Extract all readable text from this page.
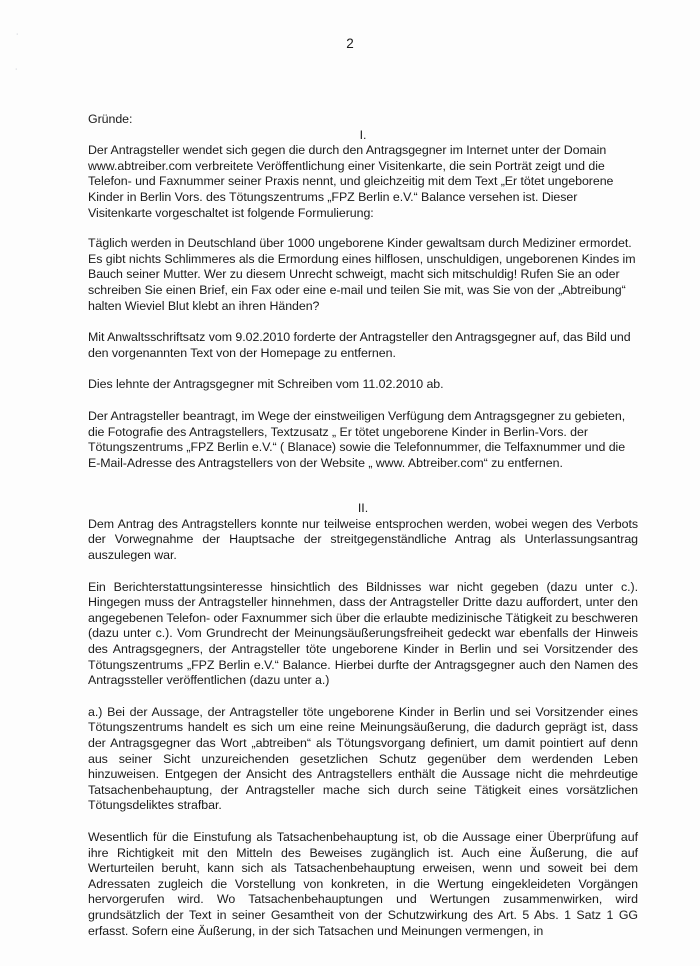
˙
˙
2

Gründe:

I.

Der Antragsteller wendet sich gegen die durch den Antragsgegner im Internet unter der Domain www.abtreiber.com verbreitete Veröffentlichung einer Visitenkarte, die sein Porträt zeigt und die Telefon- und Faxnummer seiner Praxis nennt, und gleichzeitig mit dem Text „Er tötet ungeborene Kinder in Berlin Vors. des Tötungszentrums „FPZ Berlin e.V.“ Balance versehen ist. Dieser Visitenkarte vorgeschaltet ist folgende Formulierung:

Täglich werden in Deutschland über 1000 ungeborene Kinder gewaltsam durch Mediziner ermordet. Es gibt nichts Schlimmeres als die Ermordung eines hilflosen, unschuldigen, ungeborenen Kindes im Bauch seiner Mutter. Wer zu diesem Unrecht schweigt, macht sich mitschuldig! Rufen Sie an oder schreiben Sie einen Brief, ein Fax oder eine e-mail und teilen Sie mit, was Sie von der „Abtreibung“ halten Wieviel Blut klebt an ihren Händen?

Mit Anwaltsschriftsatz vom 9.02.2010 forderte der Antragsteller den Antragsgegner auf, das Bild und den vorgenannten Text von der Homepage zu entfernen.

Dies lehnte der Antragsgegner mit Schreiben vom 11.02.2010 ab.

Der Antragsteller beantragt, im Wege der einstweiligen Verfügung dem Antragsgegner zu gebieten, die Fotografie des Antragstellers, Textzusatz „ Er tötet ungeborene Kinder in Berlin-Vors. der Tötungszentrums „FPZ Berlin e.V.“ ( Blanace) sowie die Telefonnummer, die Telfaxnummer und die E-Mail-Adresse des Antragstellers von der Website „ www. Abtreiber.com“ zu entfernen.

II.

Dem Antrag des Antragstellers konnte nur teilweise entsprochen werden, wobei wegen des Verbots der Vorwegnahme der Hauptsache der streitgegenständliche Antrag als Unterlassungsantrag auszulegen war.

Ein Berichterstattungsinteresse hinsichtlich des Bildnisses war nicht gegeben (dazu unter c.). Hingegen muss der Antragsteller hinnehmen, dass der Antragsteller Dritte dazu auffordert, unter den angegebenen Telefon- oder Faxnummer sich über die erlaubte medizinische Tätigkeit zu beschweren (dazu unter c.). Vom Grundrecht der Meinungsäußerungsfreiheit gedeckt war ebenfalls der Hinweis des Antragsgegners, der Antragsteller töte ungeborene Kinder in Berlin und sei Vorsitzender des Tötungszentrums „FPZ Berlin e.V.“ Balance. Hierbei durfte der Antragsgegner auch den Namen des Antragssteller veröffentlichen (dazu unter a.)

a.) Bei der Aussage, der Antragsteller töte ungeborene Kinder in Berlin und sei Vorsitzender eines Tötungszentrums handelt es sich um eine reine Meinungsäußerung, die dadurch geprägt ist, dass der Antragsgegner das Wort „abtreiben“ als Tötungsvorgang definiert, um damit pointiert auf denn aus seiner Sicht unzureichenden gesetzlichen Schutz gegenüber dem werdenden Leben hinzuweisen. Entgegen der Ansicht des Antragstellers enthält die Aussage nicht die mehrdeutige Tatsachenbehauptung, der Antragsteller mache sich durch seine Tätigkeit eines vorsätzlichen Tötungsdeliktes strafbar.

Wesentlich für die Einstufung als Tatsachenbehauptung ist, ob die Aussage einer Überprüfung auf ihre Richtigkeit mit den Mitteln des Beweises zugänglich ist. Auch eine Äußerung, die auf Werturteilen beruht, kann sich als Tatsachenbehauptung erweisen, wenn und soweit bei dem Adressaten zugleich die Vorstellung von konkreten, in die Wertung eingekleideten Vorgängen hervorgerufen wird. Wo Tatsachenbehauptungen und Wertungen zusammenwirken, wird grundsätzlich der Text in seiner Gesamtheit von der Schutzwirkung des Art. 5 Abs. 1 Satz 1 GG erfasst. Sofern eine Äußerung, in der sich Tatsachen und Meinungen vermengen, in
